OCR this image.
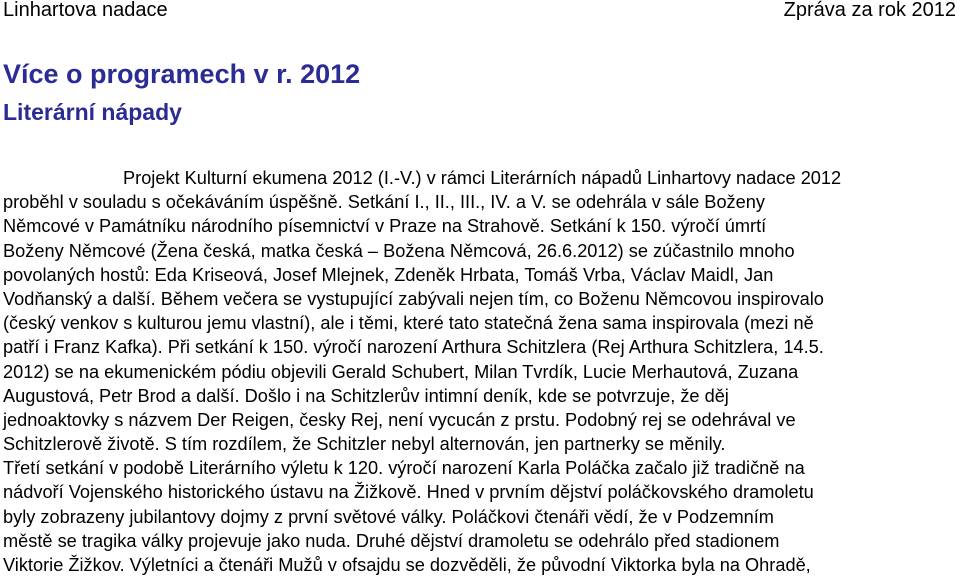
Linhartova nadace	Zpráva za rok 2012
Více o programech v r. 2012
Literární nápady
Projekt Kulturní ekumena 2012 (I.-V.) v rámci Literárních nápadů Linhartovy nadace 2012
proběhl v souladu s očekáváním úspěšně. Setkání I., II., III., IV. a V. se odehrála v sále Boženy
Němcové v Památníku národního písemnictví v Praze na Strahově. Setkání k 150. výročí úmrtí
Boženy Němcové (Žena česká, matka česká – Božena Němcová, 26.6.2012) se zúčastnilo mnoho
povolaných hostů: Eda Kriseová, Josef Mlejnek, Zdeněk Hrbata, Tomáš Vrba, Václav Maidl, Jan
Vodňanský a další. Během večera se vystupující zabývali nejen tím, co Boženu Němcovou inspirovalo
(český venkov s kulturou jemu vlastní), ale i těmi, které tato statečná žena sama inspirovala (mezi ně
patří i Franz Kafka). Při setkání k 150. výročí narození Arthura Schitzlera (Rej Arthura Schitzlera, 14.5.
2012) se na ekumenickém pódiu objevili Gerald Schubert, Milan Tvrdík, Lucie Merhautová, Zuzana
Augustová, Petr Brod a další. Došlo i na Schitzlerův intimní deník, kde se potvrzuje, že děj
jednoaktovky s názvem Der Reigen, česky Rej, není vycucán z prstu. Podobný rej se odehrával ve
Schitzlerově životě. S tím rozdílem, že Schitzler nebyl alternován, jen partnerky se měnily.
Třetí setkání v podobě Literárního výletu k 120. výročí narození Karla Poláčka začalo již tradičně na
nádvoří Vojenského historického ústavu na Žižkově. Hned v prvním dějství poláčkovského dramoletu
byly zobrazeny jubilantovy dojmy z první světové války. Poláčkovi čtenáři vědí, že v Podzemním
městě se tragika války projevuje jako nuda. Druhé dějství dramoletu se odehrálo před stadionem
Viktorie Žižkov. Výletníci a čtenáři Mužů v ofsajdu se dozvěděli, že původní Viktorka byla na Ohradě,
